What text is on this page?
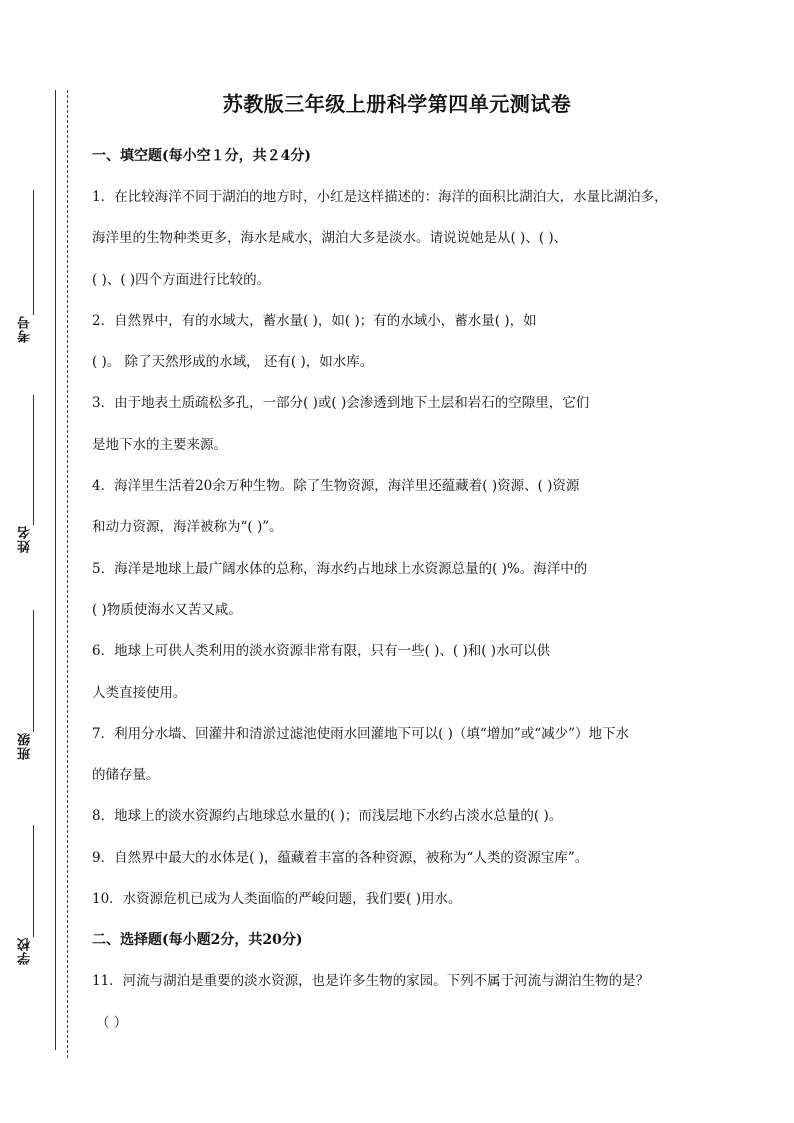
考号
姓名
班级
学校
苏教版三年级上册科学第四单元测试卷
一、填空题(每小空１分，共２4分)
1．在比较海洋不同于湖泊的地方时，小红是这样描述的：海洋的面积比湖泊大，水量比湖泊多，
海洋里的生物种类更多，海水是咸水，湖泊大多是淡水。请说说她是从( )、( )、
( )、( )四个方面进行比较的。
2．自然界中，有的水域大，蓄水量( )，如( )；有的水域小，蓄水量( )，如
( )。 除了天然形成的水域， 还有( )，如水库。
3．由于地表土质疏松多孔，一部分( )或( )会渗透到地下土层和岩石的空隙里，它们
是地下水的主要来源。
4．海洋里生活着20余万种生物。除了生物资源，海洋里还蕴藏着( )资源、( )资源
和动力资源，海洋被称为“( )”。
5．海洋是地球上最广阔水体的总称，海水约占地球上水资源总量的( )%。海洋中的
( )物质使海水又苦又咸。
6．地球上可供人类利用的淡水资源非常有限，只有一些( )、( )和( )水可以供
人类直接使用。
7．利用分水墙、回灌井和清淤过滤池使雨水回灌地下可以( )（填“增加”或“减少”）地下水
的储存量。
8．地球上的淡水资源约占地球总水量的( )；而浅层地下水约占淡水总量的( )。
9．自然界中最大的水体是( )，蕴藏着丰富的各种资源，被称为“人类的资源宝库”。
10．水资源危机已成为人类面临的严峻问题，我们要( )用水。
二、选择题(每小题2分，共20分)
11．河流与湖泊是重要的淡水资源，也是许多生物的家园。下列不属于河流与湖泊生物的是？
（ ）
